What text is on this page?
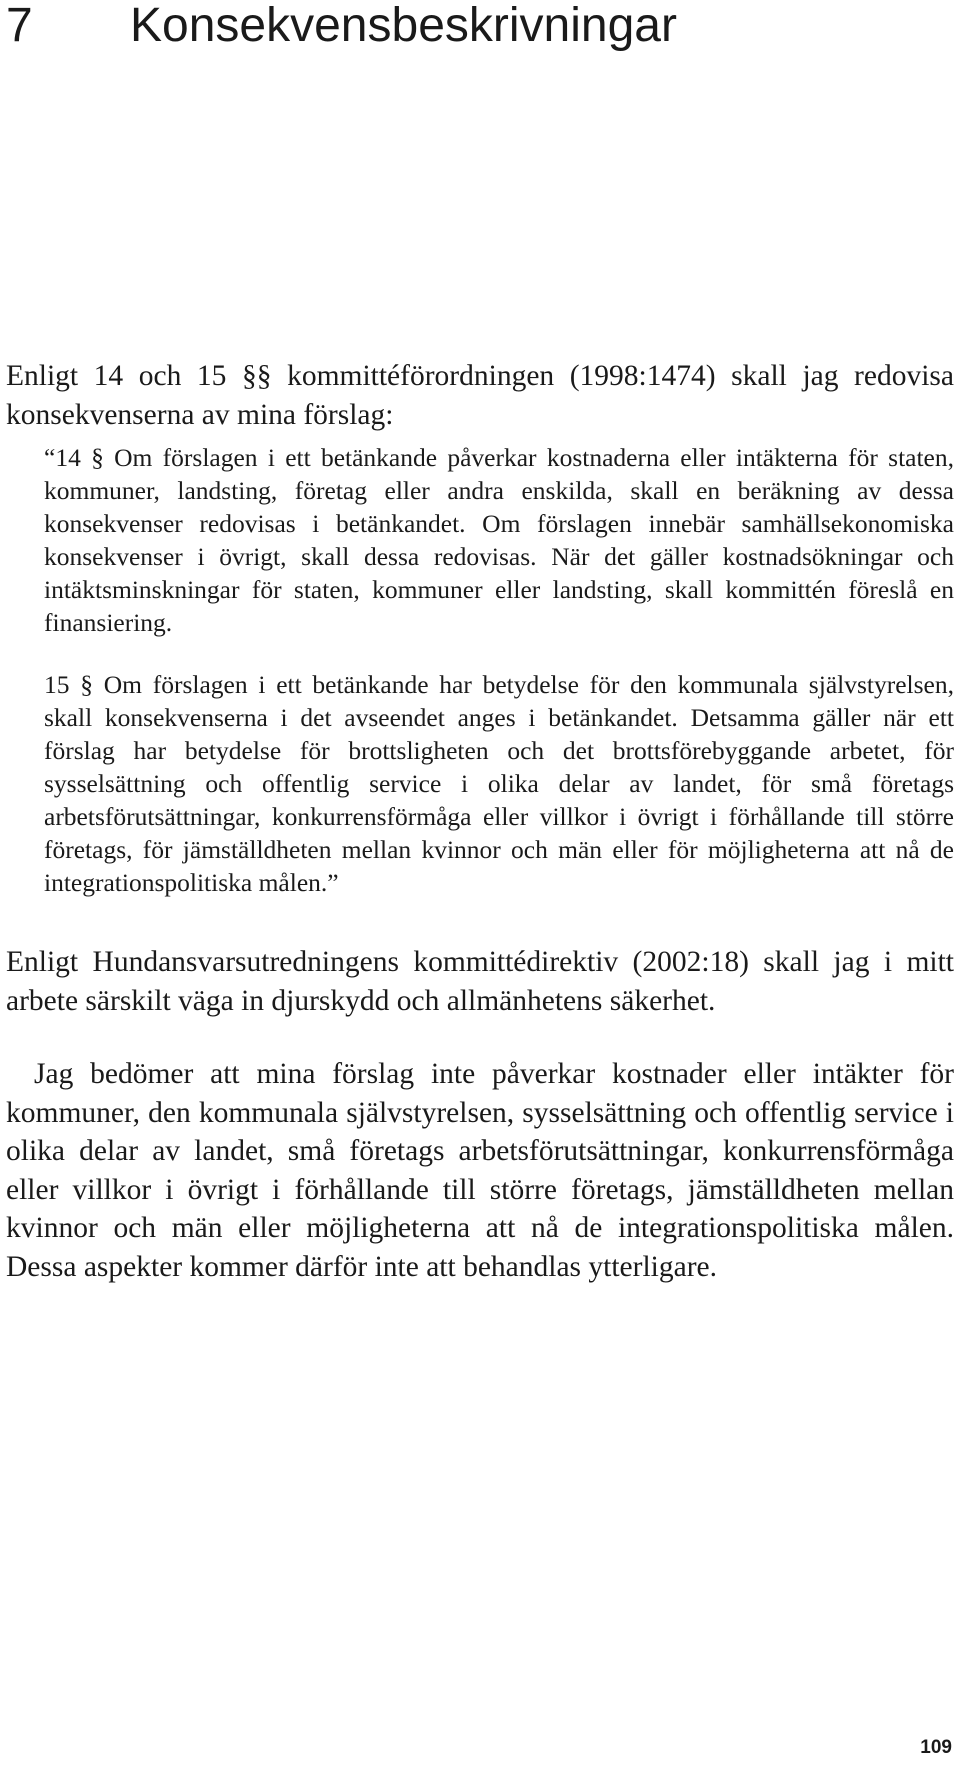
7 Konsekvensbeskrivningar

Enligt 14 och 15 §§ kommittéförordningen (1998:1474) skall jag redovisa konsekvenserna av mina förslag:

“14 § Om förslagen i ett betänkande påverkar kostnaderna eller intäkterna för staten, kommuner, landsting, företag eller andra enskilda, skall en beräkning av dessa konsekvenser redovisas i betänkandet. Om förslagen innebär samhällsekonomiska konsekvenser i övrigt, skall dessa redovisas. När det gäller kostnadsökningar och intäktsminskningar för staten, kommuner eller landsting, skall kommittén föreslå en finansiering.

15 § Om förslagen i ett betänkande har betydelse för den kommunala självstyrelsen, skall konsekvenserna i det avseendet anges i betänkandet. Detsamma gäller när ett förslag har betydelse för brottsligheten och det brottsförebyggande arbetet, för sysselsättning och offentlig service i olika delar av landet, för små företags arbetsförutsättningar, konkurrensförmåga eller villkor i övrigt i förhållande till större företags, för jämställdheten mellan kvinnor och män eller för möjligheterna att nå de integrationspolitiska målen.”

Enligt Hundansvarsutredningens kommittédirektiv (2002:18) skall jag i mitt arbete särskilt väga in djurskydd och allmänhetens säkerhet.

Jag bedömer att mina förslag inte påverkar kostnader eller intäkter för kommuner, den kommunala självstyrelsen, sysselsättning och offentlig service i olika delar av landet, små företags arbetsförutsättningar, konkurrensförmåga eller villkor i övrigt i förhållande till större företags, jämställdheten mellan kvinnor och män eller möjligheterna att nå de integrationspolitiska målen. Dessa aspekter kommer därför inte att behandlas ytterligare.

109
